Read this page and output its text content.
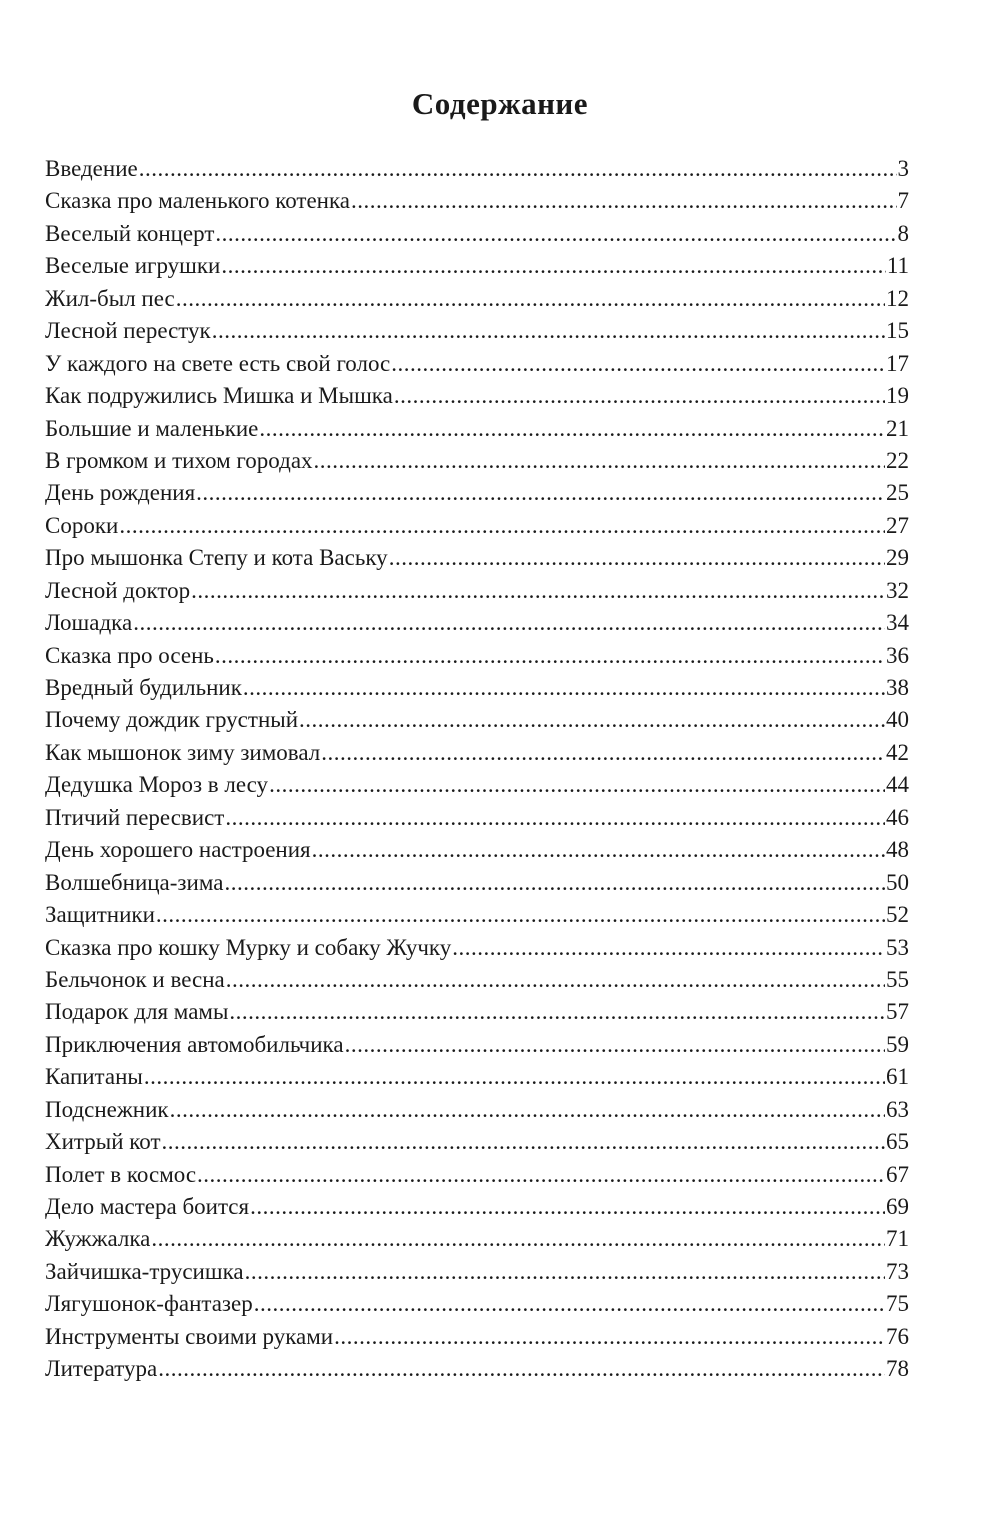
Содержание
Введение .....	3
Сказка про маленького котенка .....	7
Веселый концерт .....	8
Веселые игрушки .....	11
Жил-был пес .....	12
Лесной перестук .....	15
У каждого на свете есть свой голос .....	17
Как подружились Мишка и Мышка .....	19
Большие и маленькие .....	21
В громком и тихом городах .....	22
День рождения .....	25
Сороки .....	27
Про мышонка Степу и кота Ваську .....	29
Лесной доктор .....	32
Лошадка .....	34
Сказка про осень .....	36
Вредный будильник .....	38
Почему дождик грустный .....	40
Как мышонок зиму зимовал .....	42
Дедушка Мороз в лесу .....	44
Птичий пересвист .....	46
День хорошего настроения .....	48
Волшебница-зима .....	50
Защитники .....	52
Сказка про кошку Мурку и собаку Жучку .....	53
Бельчонок и весна .....	55
Подарок для мамы .....	57
Приключения автомобильчика .....	59
Капитаны .....	61
Подснежник .....	63
Хитрый кот .....	65
Полет в космос .....	67
Дело мастера боится .....	69
Жужжалка .....	71
Зайчишка-трусишка .....	73
Лягушонок-фантазер .....	75
Инструменты своими руками .....	76
Литература .....	78
